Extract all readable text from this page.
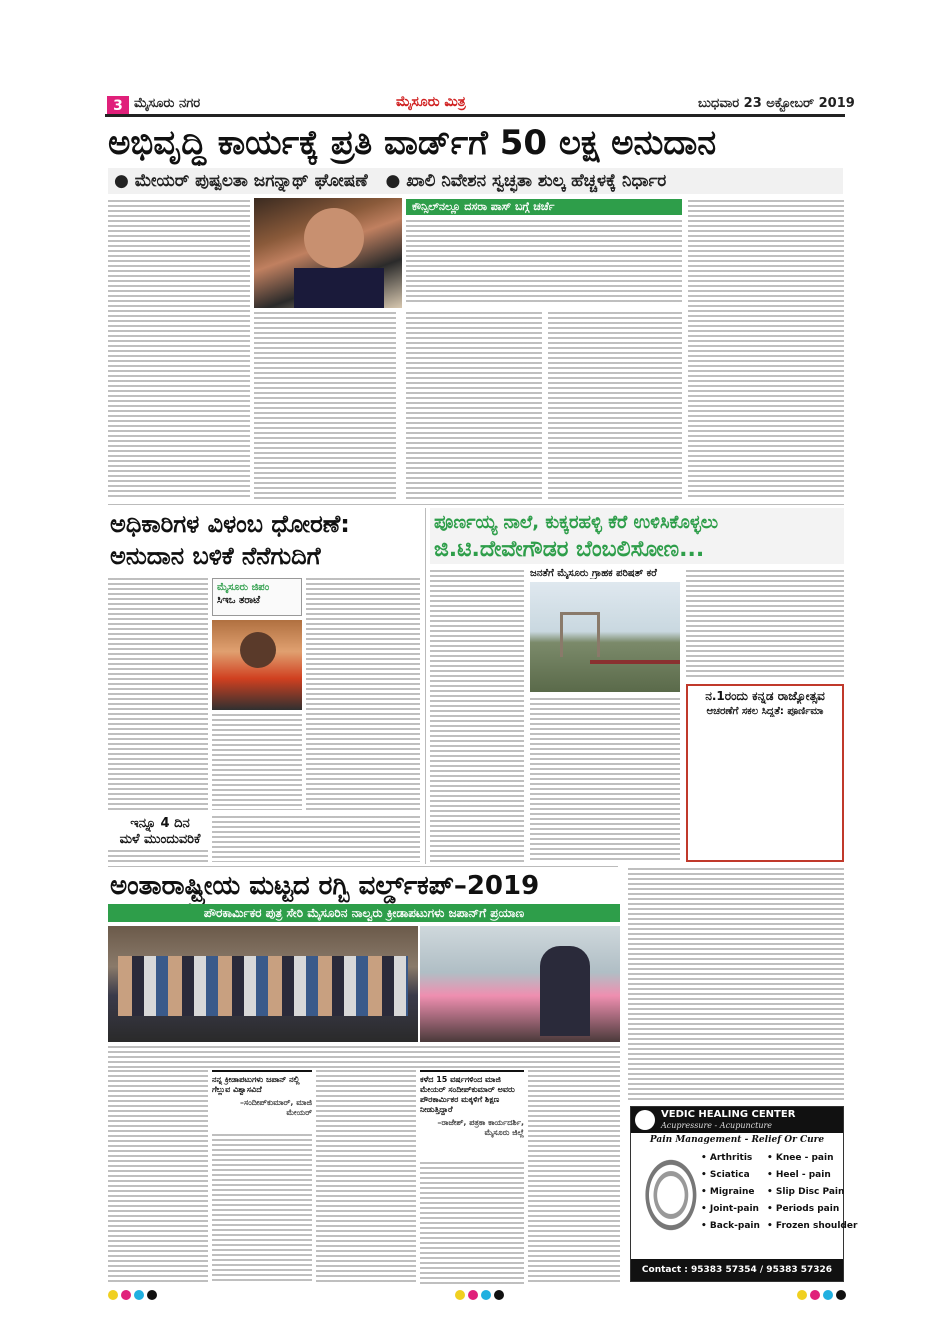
3 ಮೈಸೂರು ನಗರ	ಮೈಸೂರು ಮಿತ್ರ	ಬುಧವಾರ 23 ಅಕ್ಟೋಬರ್ 2019
ಅಭಿವೃದ್ಧಿ ಕಾರ್ಯಕ್ಕೆ ಪ್ರತಿ ವಾರ್ಡ್‌ಗೆ 50 ಲಕ್ಷ ಅನುದಾನ
● ಮೇಯರ್ ಪುಷ್ಪಲತಾ ಜಗನ್ನಾಥ್ ಘೋಷಣೆ   ● ಖಾಲಿ ನಿವೇಶನ ಸ್ವಚ್ಛತಾ ಶುಲ್ಕ ಹೆಚ್ಚಳಕ್ಕೆ ನಿರ್ಧಾರ
ಕೌನ್ಸಿಲ್‌ನಲ್ಲೂ ದಸರಾ ಪಾಸ್ ಬಗ್ಗೆ ಚರ್ಚೆ
ಅಧಿಕಾರಿಗಳ ವಿಳಂಬ ಧೋರಣೆ:
ಅನುದಾನ ಬಳಿಕೆ ನೆನೆಗುದಿಗೆ
ಮೈಸೂರು ಜಿಪಂ
ಸಿಇಒ ತರಾಟೆ
ಇನ್ನೂ 4 ದಿನ
ಮಳೆ ಮುಂದುವರಿಕೆ
ಪೂರ್ಣಯ್ಯ ನಾಲೆ, ಕುಕ್ಕರಹಳ್ಳಿ ಕೆರೆ ಉಳಿಸಿಕೊಳ್ಳಲು
ಜಿ.ಟಿ.ದೇವೇಗೌಡರ ಬೆಂಬಲಿಸೋಣ...
ಜನತೆಗೆ ಮೈಸೂರು ಗ್ರಾಹಕ ಪರಿಷತ್ ಕರೆ
ನ.1ರಂದು ಕನ್ನಡ ರಾಜ್ಯೋತ್ಸವ
ಆಚರಣೆಗೆ ಸಕಲ ಸಿದ್ಧತೆ: ಪೂರ್ಣಿಮಾ
ಅಂತಾರಾಷ್ಟ್ರೀಯ ಮಟ್ಟದ ರಗ್ಬಿ ವರ್ಲ್ಡ್‌ಕಪ್–2019
ಪೌರಕಾರ್ಮಿಕರ ಪುತ್ರ ಸೇರಿ ಮೈಸೂರಿನ ನಾಲ್ವರು ಕ್ರೀಡಾಪಟುಗಳು ಜಪಾನ್‌ಗೆ ಪ್ರಯಾಣ
ನನ್ನ ಕ್ರೀಡಾಪಟುಗಳು ಜಪಾನ್ ನಲ್ಲಿ ಗೆಲ್ಲುವ ವಿಶ್ವಾಸವಿದೆ
–ಸಂದೀಪ್‌ಕುಮಾರ್, ಮಾಜಿ ಮೇಯರ್
ಕಳೆದ 15 ವರ್ಷಗಳಿಂದ ಮಾಜಿ ಮೇಯರ್ ಸಂದೀಪ್‌ಕುಮಾರ್ ಅವರು ಪೌರಕಾರ್ಮಿಕರ ಮಕ್ಕಳಿಗೆ ಶಿಕ್ಷಣ ನೀಡುತ್ತಿದ್ದಾರೆ
–ರಾಜೇಶ್, ಪತ್ರಕಾ ಕಾರ್ಯದರ್ಶಿ, ಮೈಸೂರು ಜಿಲ್ಲೆ
VEDIC HEALING CENTER
Acupressure - Acupuncture
Pain Management - Relief Or Cure
• Arthritis
• Sciatica
• Migraine
• Joint-pain
• Back-pain
• Knee - pain
• Heel - pain
• Slip Disc Pain
• Periods pain
• Frozen shoulder
Contact : 95383 57354 / 95383 57326
